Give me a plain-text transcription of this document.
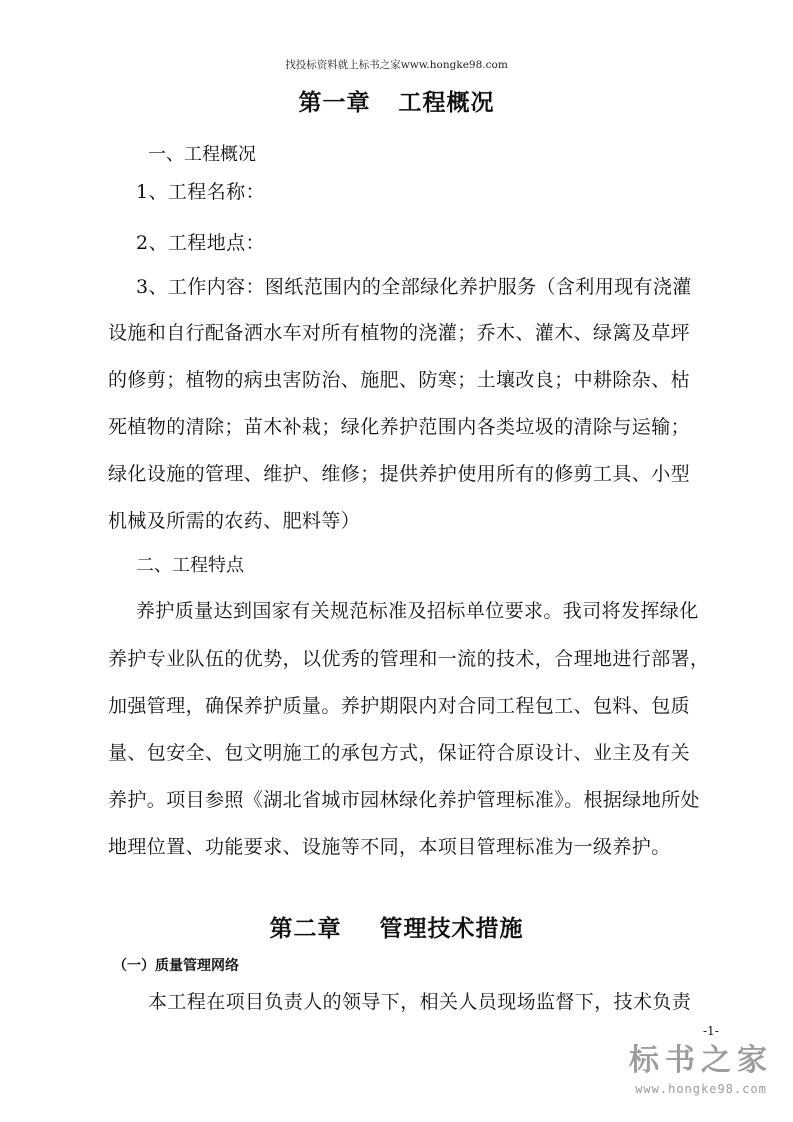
找投标资料就上标书之家www.hongke98.com
第一章 工程概况
一、工程概况
1、工程名称：
2、工程地点：
3、工作内容：图纸范围内的全部绿化养护服务（含利用现有浇灌
设施和自行配备洒水车对所有植物的浇灌；乔木、灌木、绿篱及草坪
的修剪；植物的病虫害防治、施肥、防寒；土壤改良；中耕除杂、枯
死植物的清除；苗木补栽；绿化养护范围内各类垃圾的清除与运输；
绿化设施的管理、维护、维修；提供养护使用所有的修剪工具、小型
机械及所需的农药、肥料等）
二、工程特点
养护质量达到国家有关规范标准及招标单位要求。我司将发挥绿化
养护专业队伍的优势，以优秀的管理和一流的技术，合理地进行部署，
加强管理，确保养护质量。养护期限内对合同工程包工、包料、包质
量、包安全、包文明施工的承包方式，保证符合原设计、业主及有关
养护。项目参照《湖北省城市园林绿化养护管理标准》。根据绿地所处
地理位置、功能要求、设施等不同，本项目管理标准为一级养护。
第二章 管理技术措施
（一）质量管理网络
本工程在项目负责人的领导下，相关人员现场监督下，技术负责
-1-
标书之家
www.hongke98.com
